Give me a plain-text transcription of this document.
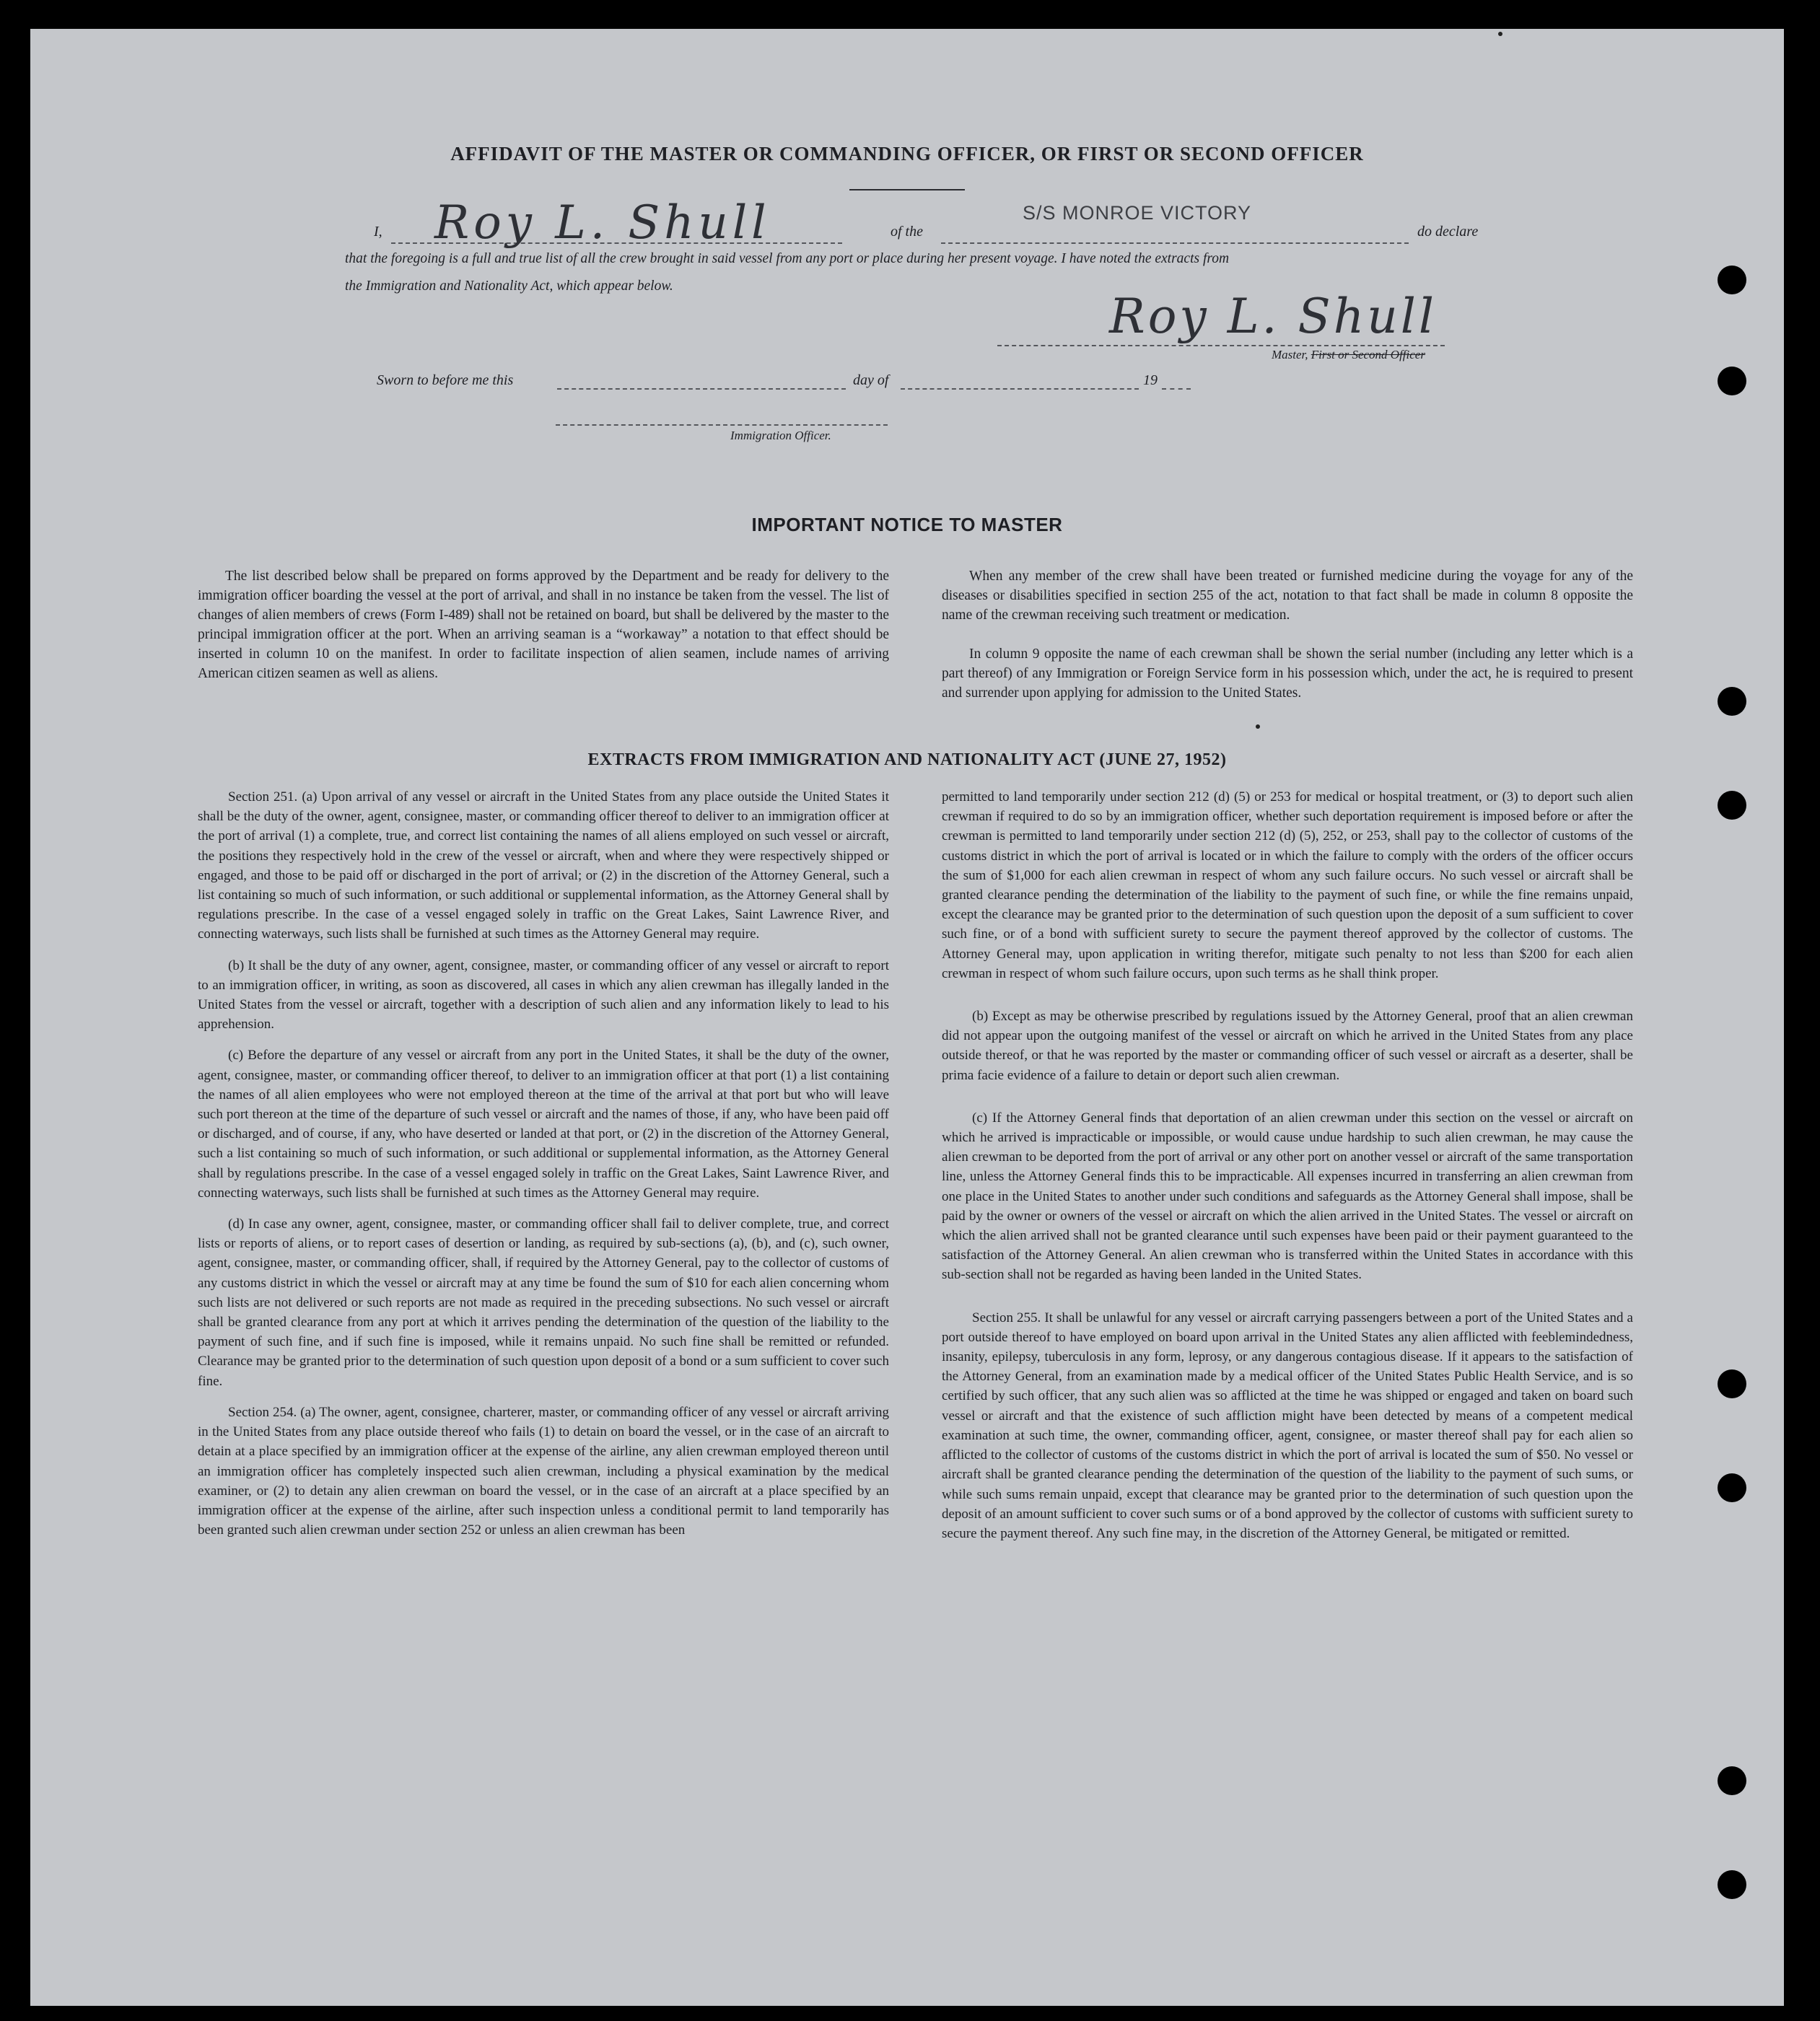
AFFIDAVIT OF THE MASTER OR COMMANDING OFFICER, OR FIRST OR SECOND OFFICER
I, Roy L. Shull	of the
S/S MONROE VICTORY
do declare
that the foregoing is a full and true list of all the crew brought in said vessel from any port or place during her present voyage. I have noted the extracts from
the Immigration and Nationality Act, which appear below.
Roy L. Shull
Master, First or Second Officer
Sworn to before me this	day of	19
Immigration Officer.
IMPORTANT NOTICE TO MASTER
The list described below shall be prepared on forms approved by the Department and be ready for delivery to the immigration officer boarding the vessel at the port of arrival, and shall in no instance be taken from the vessel. The list of changes of alien members of crews (Form I-489) shall not be retained on board, but shall be delivered by the master to the principal immigration officer at the port. When an arriving seaman is a “workaway” a notation to that effect should be inserted in column 10 on the manifest. In order to facilitate inspection of alien seamen, include names of arriving American citizen seamen as well as aliens.
When any member of the crew shall have been treated or furnished medicine during the voyage for any of the diseases or disabilities specified in section 255 of the act, notation to that fact shall be made in column 8 opposite the name of the crewman receiving such treatment or medication.
In column 9 opposite the name of each crewman shall be shown the serial number (including any letter which is a part thereof) of any Immigration or Foreign Service form in his possession which, under the act, he is required to present and surrender upon applying for admission to the United States.
EXTRACTS FROM IMMIGRATION AND NATIONALITY ACT (JUNE 27, 1952)

Section 251. (a) Upon arrival of any vessel or aircraft in the United States from any place outside the United States it shall be the duty of the owner, agent, consignee, master, or commanding officer thereof to deliver to an immigration officer at the port of arrival (1) a complete, true, and correct list containing the names of all aliens employed on such vessel or aircraft, the positions they respectively hold in the crew of the vessel or aircraft, when and where they were respectively shipped or engaged, and those to be paid off or discharged in the port of arrival; or (2) in the discretion of the Attorney General, such a list containing so much of such information, or such additional or supplemental information, as the Attorney General shall by regulations prescribe. In the case of a vessel engaged solely in traffic on the Great Lakes, Saint Lawrence River, and connecting waterways, such lists shall be furnished at such times as the Attorney General may require.

(b) It shall be the duty of any owner, agent, consignee, master, or commanding officer of any vessel or aircraft to report to an immigration officer, in writing, as soon as discovered, all cases in which any alien crewman has illegally landed in the United States from the vessel or aircraft, together with a description of such alien and any information likely to lead to his apprehension.

(c) Before the departure of any vessel or aircraft from any port in the United States, it shall be the duty of the owner, agent, consignee, master, or commanding officer thereof, to deliver to an immigration officer at that port (1) a list containing the names of all alien employees who were not employed thereon at the time of the arrival at that port but who will leave such port thereon at the time of the departure of such vessel or aircraft and the names of those, if any, who have been paid off or discharged, and of course, if any, who have deserted or landed at that port, or (2) in the discretion of the Attorney General, such a list containing so much of such information, or such additional or supplemental information, as the Attorney General shall by regulations prescribe. In the case of a vessel engaged solely in traffic on the Great Lakes, Saint Lawrence River, and connecting waterways, such lists shall be furnished at such times as the Attorney General may require.

(d) In case any owner, agent, consignee, master, or commanding officer shall fail to deliver complete, true, and correct lists or reports of aliens, or to report cases of desertion or landing, as required by sub-sections (a), (b), and (c), such owner, agent, consignee, master, or commanding officer, shall, if required by the Attorney General, pay to the collector of customs of any customs district in which the vessel or aircraft may at any time be found the sum of $10 for each alien concerning whom such lists are not delivered or such reports are not made as required in the preceding subsections. No such vessel or aircraft shall be granted clearance from any port at which it arrives pending the determination of the question of the liability to the payment of such fine, and if such fine is imposed, while it remains unpaid. No such fine shall be remitted or refunded. Clearance may be granted prior to the determination of such question upon deposit of a bond or a sum sufficient to cover such fine.

Section 254. (a) The owner, agent, consignee, charterer, master, or commanding officer of any vessel or aircraft arriving in the United States from any place outside thereof who fails (1) to detain on board the vessel, or in the case of an aircraft to detain at a place specified by an immigration officer at the expense of the airline, any alien crewman employed thereon until an immigration officer has completely inspected such alien crewman, including a physical examination by the medical examiner, or (2) to detain any alien crewman on board the vessel, or in the case of an aircraft at a place specified by an immigration officer at the expense of the airline, after such inspection unless a conditional permit to land temporarily has been granted such alien crewman under section 252 or unless an alien crewman has been

permitted to land temporarily under section 212 (d) (5) or 253 for medical or hospital treatment, or (3) to deport such alien crewman if required to do so by an immigration officer, whether such deportation requirement is imposed before or after the crewman is permitted to land temporarily under section 212 (d) (5), 252, or 253, shall pay to the collector of customs of the customs district in which the port of arrival is located or in which the failure to comply with the orders of the officer occurs the sum of $1,000 for each alien crewman in respect of whom any such failure occurs. No such vessel or aircraft shall be granted clearance pending the determination of the liability to the payment of such fine, or while the fine remains unpaid, except the clearance may be granted prior to the determination of such question upon the deposit of a sum sufficient to cover such fine, or of a bond with sufficient surety to secure the payment thereof approved by the collector of customs. The Attorney General may, upon application in writing therefor, mitigate such penalty to not less than $200 for each alien crewman in respect of whom such failure occurs, upon such terms as he shall think proper.

(b) Except as may be otherwise prescribed by regulations issued by the Attorney General, proof that an alien crewman did not appear upon the outgoing manifest of the vessel or aircraft on which he arrived in the United States from any place outside thereof, or that he was reported by the master or commanding officer of such vessel or aircraft as a deserter, shall be prima facie evidence of a failure to detain or deport such alien crewman.

(c) If the Attorney General finds that deportation of an alien crewman under this section on the vessel or aircraft on which he arrived is impracticable or impossible, or would cause undue hardship to such alien crewman, he may cause the alien crewman to be deported from the port of arrival or any other port on another vessel or aircraft of the same transportation line, unless the Attorney General finds this to be impracticable. All expenses incurred in transferring an alien crewman from one place in the United States to another under such conditions and safeguards as the Attorney General shall impose, shall be paid by the owner or owners of the vessel or aircraft on which the alien arrived in the United States. The vessel or aircraft on which the alien arrived shall not be granted clearance until such expenses have been paid or their payment guaranteed to the satisfaction of the Attorney General. An alien crewman who is transferred within the United States in accordance with this sub-section shall not be regarded as having been landed in the United States.

Section 255. It shall be unlawful for any vessel or aircraft carrying passengers between a port of the United States and a port outside thereof to have employed on board upon arrival in the United States any alien afflicted with feeblemindedness, insanity, epilepsy, tuberculosis in any form, leprosy, or any dangerous contagious disease. If it appears to the satisfaction of the Attorney General, from an examination made by a medical officer of the United States Public Health Service, and is so certified by such officer, that any such alien was so afflicted at the time he was shipped or engaged and taken on board such vessel or aircraft and that the existence of such affliction might have been detected by means of a competent medical examination at such time, the owner, commanding officer, agent, consignee, or master thereof shall pay for each alien so afflicted to the collector of customs of the customs district in which the port of arrival is located the sum of $50. No vessel or aircraft shall be granted clearance pending the determination of the question of the liability to the payment of such sums, or while such sums remain unpaid, except that clearance may be granted prior to the determination of such question upon the deposit of an amount sufficient to cover such sums or of a bond approved by the collector of customs with sufficient surety to secure the payment thereof. Any such fine may, in the discretion of the Attorney General, be mitigated or remitted.
